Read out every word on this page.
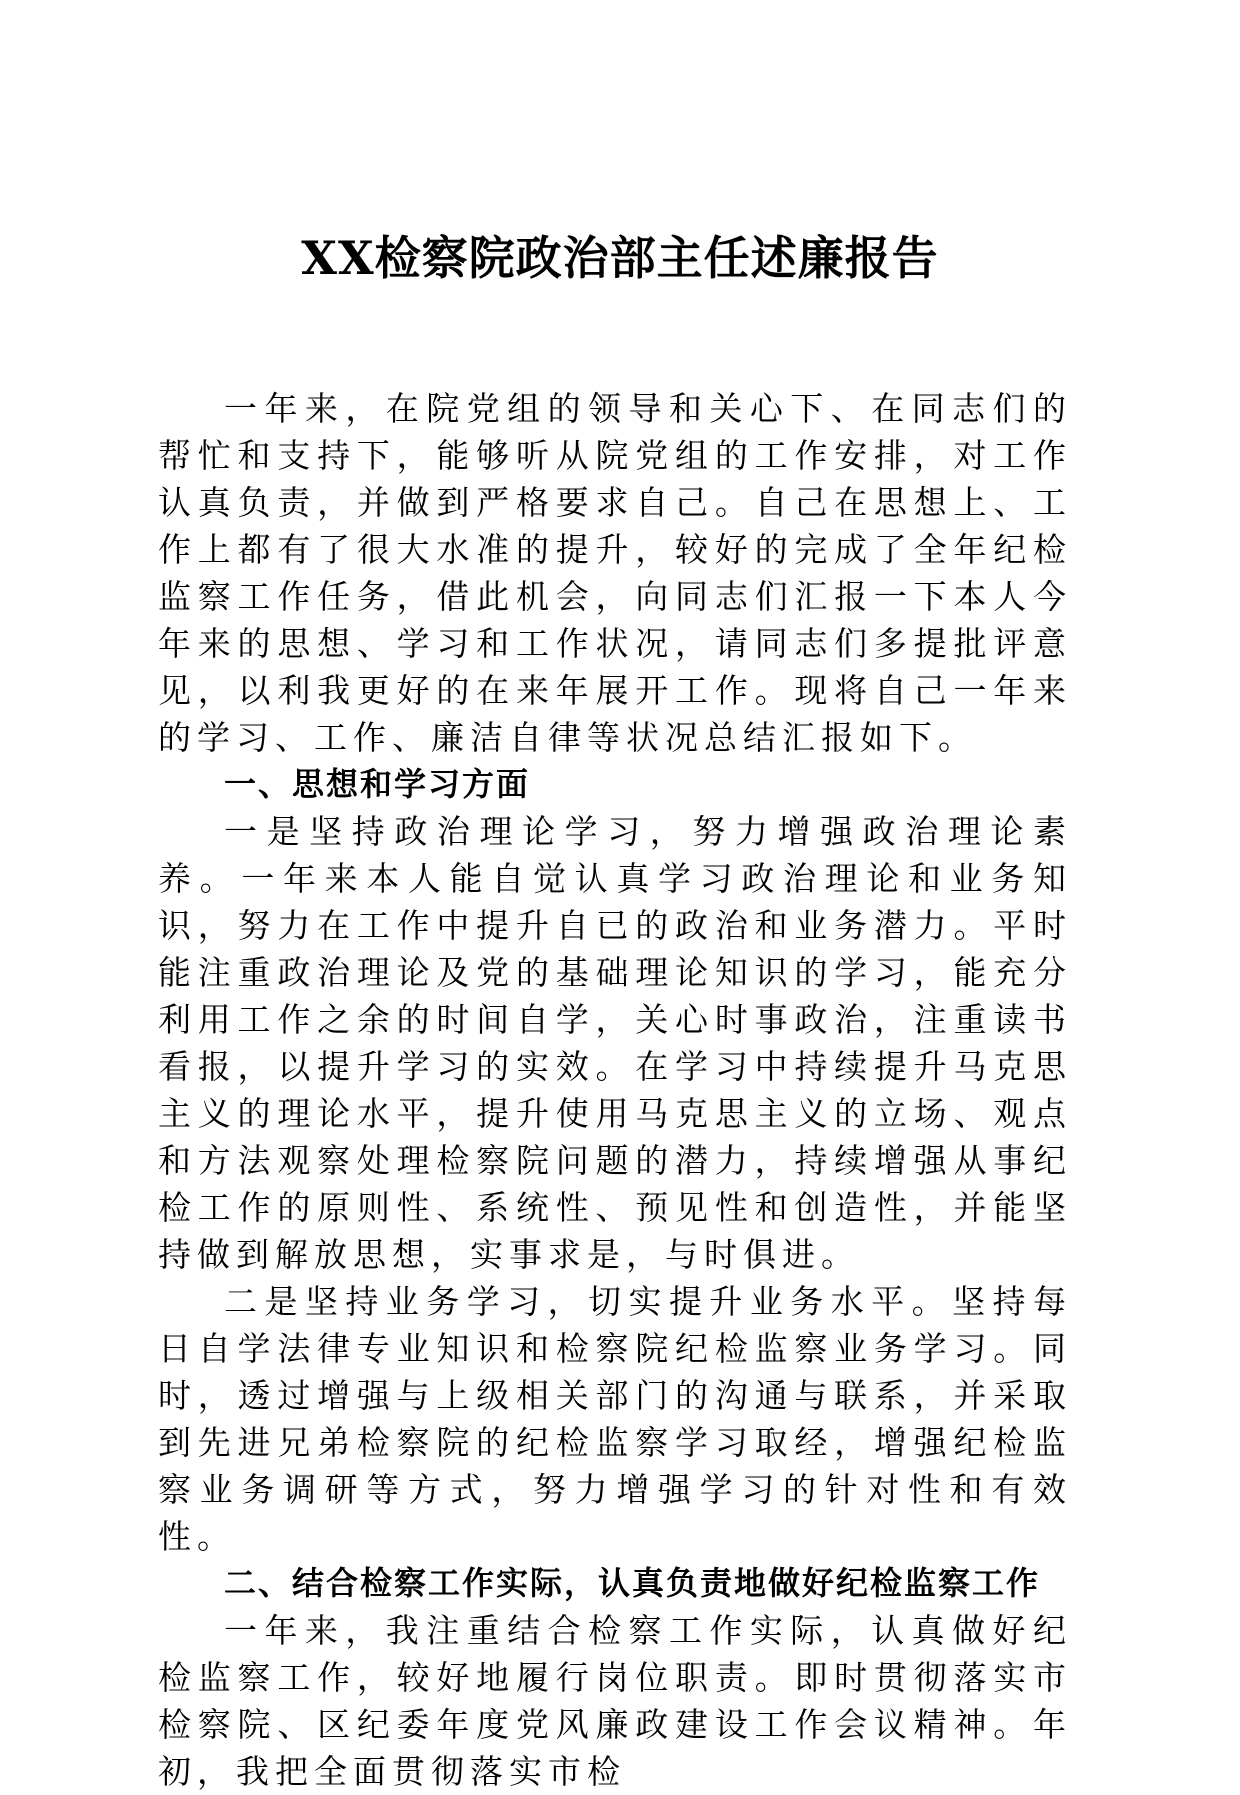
XX检察院政治部主任述廉报告

一年来，在院党组的领导和关心下、在同志们的帮忙和支持下，能够听从院党组的工作安排，对工作认真负责，并做到严格要求自己。自己在思想上、工作上都有了很大水准的提升，较好的完成了全年纪检监察工作任务，借此机会，向同志们汇报一下本人今年来的思想、学习和工作状况，请同志们多提批评意见，以利我更好的在来年展开工作。现将自己一年来的学习、工作、廉洁自律等状况总结汇报如下。

一、思想和学习方面

一是坚持政治理论学习，努力增强政治理论素养。一年来本人能自觉认真学习政治理论和业务知识，努力在工作中提升自已的政治和业务潜力。平时能注重政治理论及党的基础理论知识的学习，能充分利用工作之余的时间自学，关心时事政治，注重读书看报，以提升学习的实效。在学习中持续提升马克思主义的理论水平，提升使用马克思主义的立场、观点和方法观察处理检察院问题的潜力，持续增强从事纪检工作的原则性、系统性、预见性和创造性，并能坚持做到解放思想，实事求是，与时俱进。

二是坚持业务学习，切实提升业务水平。坚持每日自学法律专业知识和检察院纪检监察业务学习。同时，透过增强与上级相关部门的沟通与联系，并采取到先进兄弟检察院的纪检监察学习取经，增强纪检监察业务调研等方式，努力增强学习的针对性和有效性。

二、结合检察工作实际，认真负责地做好纪检监察工作

一年来，我注重结合检察工作实际，认真做好纪检监察工作，较好地履行岗位职责。即时贯彻落实市检察院、区纪委年度党风廉政建设工作会议精神。年初，我把全面贯彻落实市检
